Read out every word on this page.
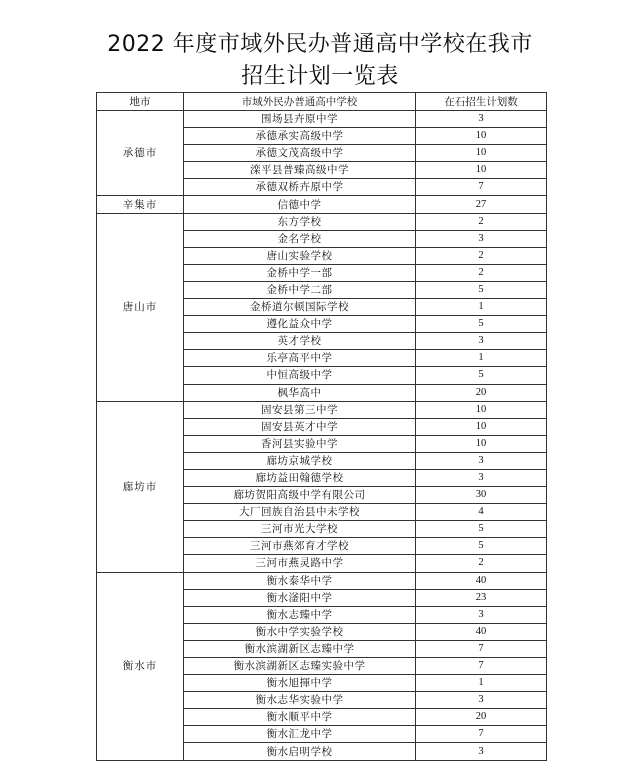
2022 年度市域外民办普通高中学校在我市
招生计划一览表
地市	市域外民办普通高中学校	在石招生计划数
承德市	围场县卉原中学	3
	承德承实高级中学	10
	承德文茂高级中学	10
	滦平县普臻高级中学	10
	承德双桥卉原中学	7
辛集市	信德中学	27
唐山市	东方学校	2
	金名学校	3
	唐山实验学校	2
	金桥中学一部	2
	金桥中学二部	5
	金桥道尔顿国际学校	1
	遵化益众中学	5
	英才学校	3
	乐亭高平中学	1
	中恒高级中学	5
	枫华高中	20
廊坊市	固安县第三中学	10
	固安县英才中学	10
	香河县实验中学	10
	廊坊京城学校	3
	廊坊益田翰德学校	3
	廊坊贺阳高级中学有限公司	30
	大厂回族自治县中未学校	4
	三河市光大学校	5
	三河市燕郊育才学校	5
	三河市燕灵路中学	2
衡水市	衡水泰华中学	40
	衡水滏阳中学	23
	衡水志臻中学	3
	衡水中学实验学校	40
	衡水滨湖新区志臻中学	7
	衡水滨湖新区志臻实验中学	7
	衡水旭揮中学	1
	衡水志华实验中学	3
	衡水顺平中学	20
	衡水汇龙中学	7
	衡水启明学校	3
